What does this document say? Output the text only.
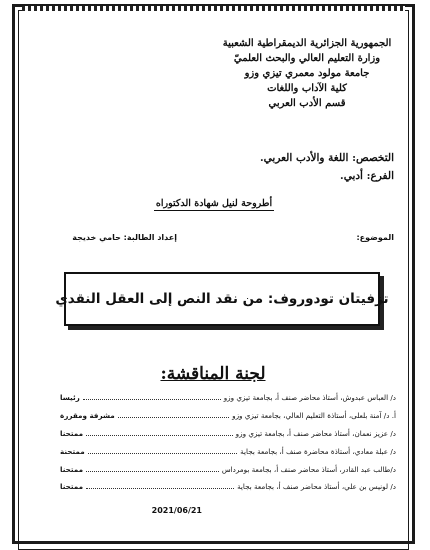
الجمهورية الجزائرية الديمقراطية الشعبية
وزارة التعليم العالي والبحث العلميّ
جامعة مولود معمري تيزي وزو
كلية الآداب واللغات
قسم الأدب العربي
التخصص: اللغة والأدب العربي.
الفرع: أدبي.
أطروحة لنيل شهادة الدكتوراه
الموضوع:
إعداد الطالبة: حامي خديجة
تزفيتان تودوروف: من نقد النص إلى العقل النقدي
لجنة المناقشة:
د/ العباس عبدوش، أستاذ محاضر صنف أ، بجامعة تيزي وزو
رئيسا
أ. د/ آمنة بلعلى، أستاذة التعليم العالي، بجامعة تيزي وزو
مشرفة ومقررة
د/ عزيز نعمان، أستاذ محاضر صنف أ، بجامعة تيزي وزو
ممتحنا
د/ عبلة معادي، أستاذة محاضرة صنف أ، بجامعة بجاية
ممتحنة
د/طالب عبد القادر، أستاذ محاضر صنف أ، بجامعة بومرداس
ممتحنا
د/ لونيس بن علي، أستاذ محاضر صنف أ، بجامعة بجاية
ممتحنا
2021/06/21
